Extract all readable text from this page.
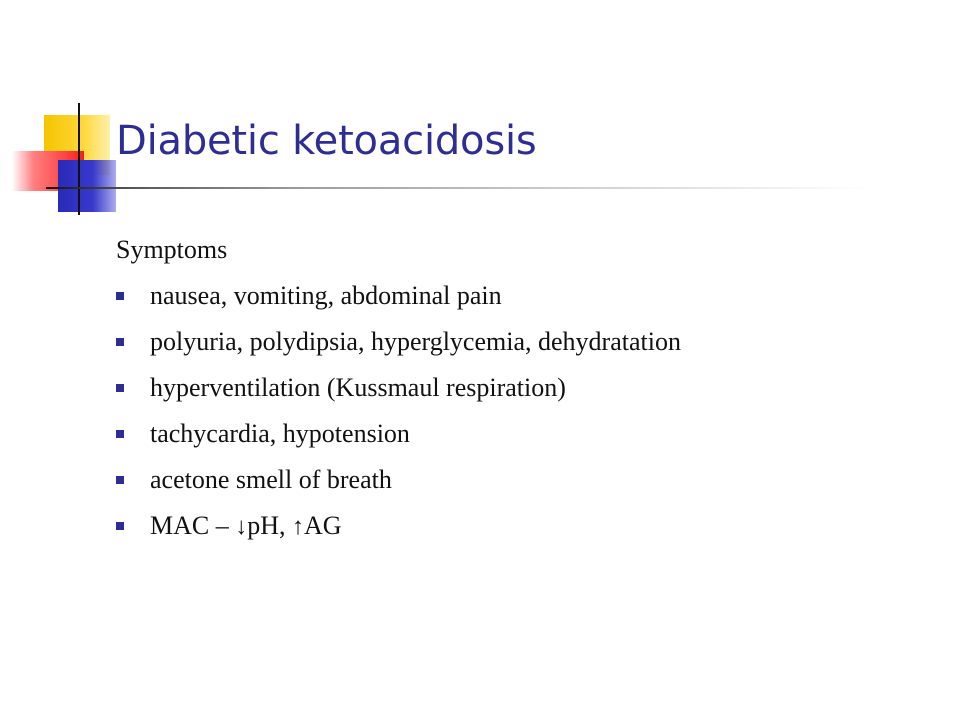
Diabetic ketoacidosis
Symptoms
nausea, vomiting, abdominal pain
polyuria, polydipsia, hyperglycemia, dehydratation
hyperventilation (Kussmaul respiration)
tachycardia, hypotension
acetone smell of breath
MAC – ↓pH, ↑AG
